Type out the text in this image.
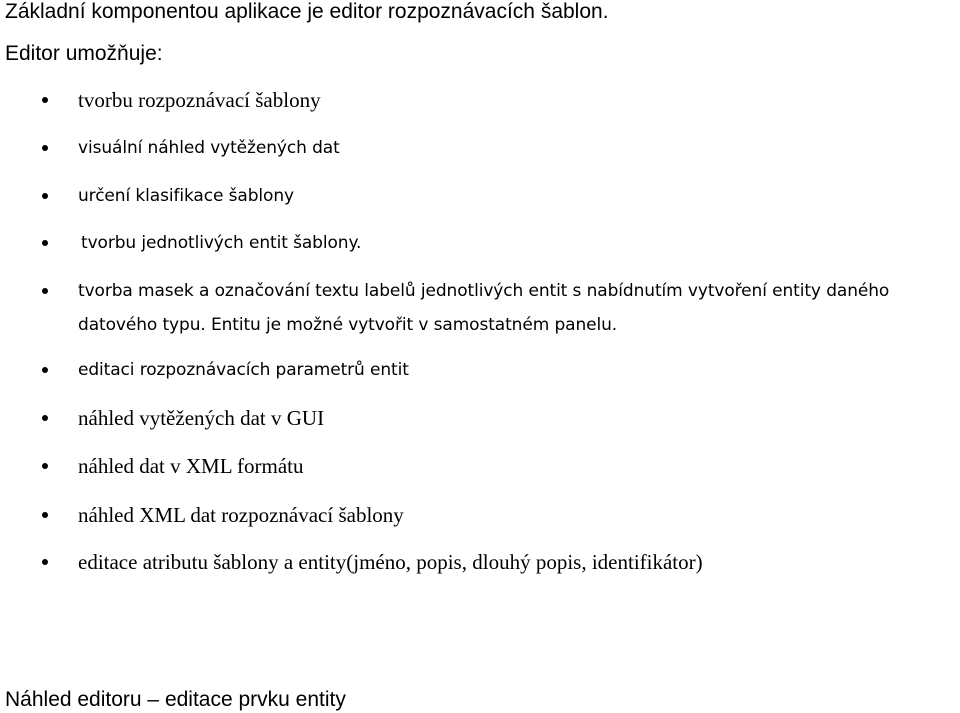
Základní komponentou aplikace je editor rozpoznávacích šablon.
Editor umožňuje:
tvorbu rozpoznávací šablony
visuální náhled vytěžených dat
určení klasifikace šablony
tvorbu jednotlivých entit šablony.
tvorba masek a označování textu labelů jednotlivých entit s nabídnutím vytvoření entity daného
datového typu. Entitu je možné vytvořit v samostatném panelu.
editaci rozpoznávacích parametrů entit
náhled vytěžených dat v GUI
náhled dat v XML formátu
náhled XML dat rozpoznávací šablony
editace atributu šablony a entity(jméno, popis, dlouhý popis, identifikátor)
Náhled editoru – editace prvku entity
